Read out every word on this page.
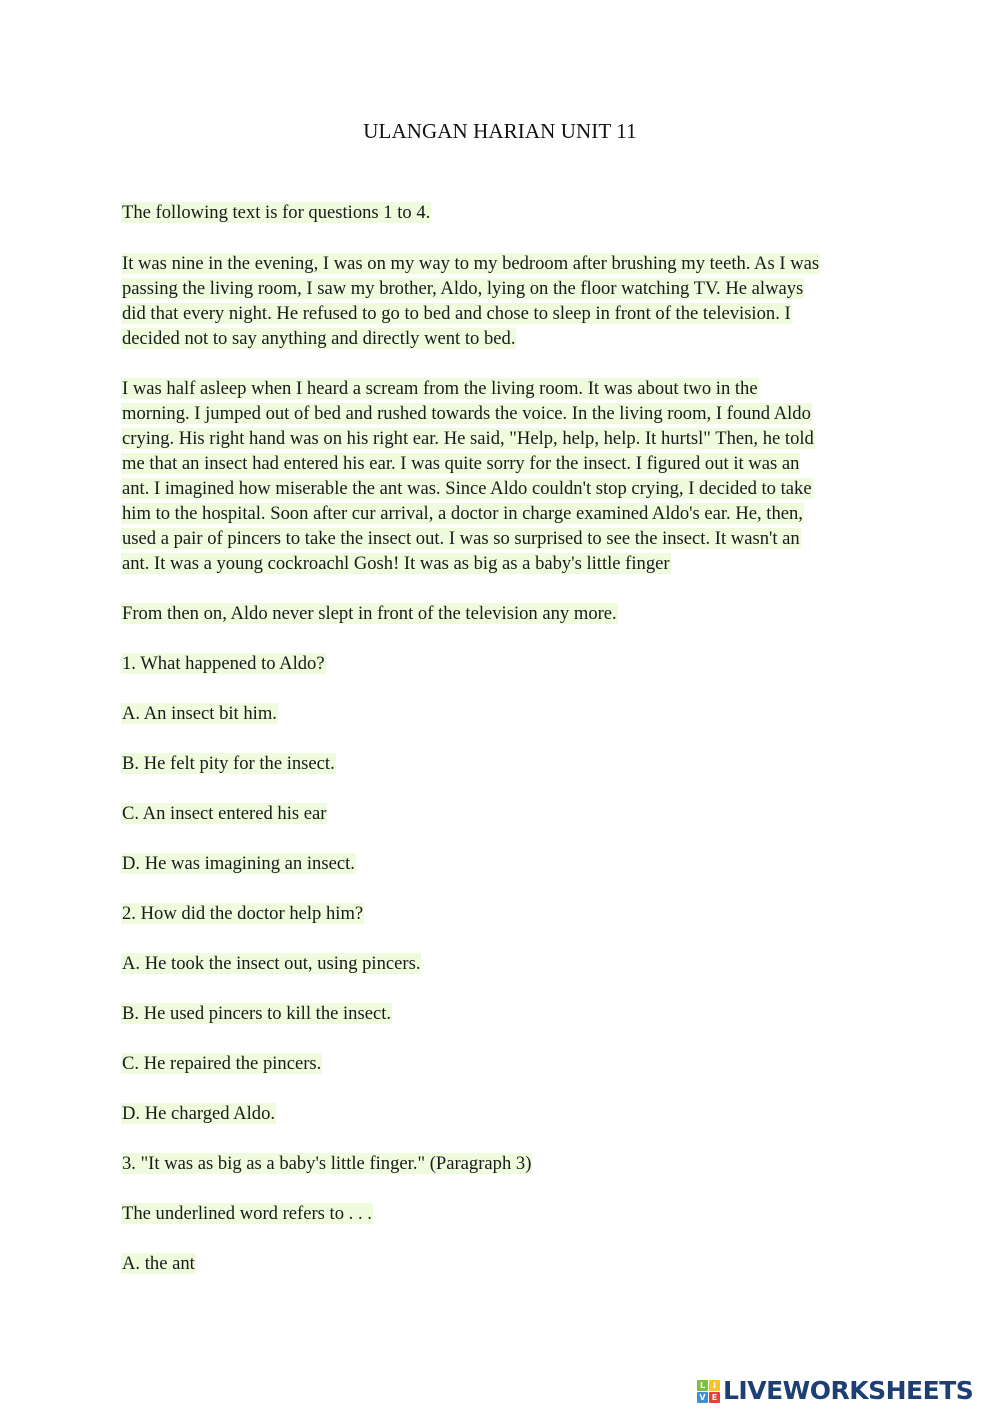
ULANGAN HARIAN UNIT 11
The following text is for questions 1 to 4.
It was nine in the evening, I was on my way to my bedroom after brushing my teeth. As I was
passing the living room, I saw my brother, Aldo, lying on the floor watching TV. He always
did that every night. He refused to go to bed and chose to sleep in front of the television. I
decided not to say anything and directly went to bed.
I was half asleep when I heard a scream from the living room. It was about two in the
morning. I jumped out of bed and rushed towards the voice. In the living room, I found Aldo
crying. His right hand was on his right ear. He said, "Help, help, help. It hurtsl" Then, he told
me that an insect had entered his ear. I was quite sorry for the insect. I figured out it was an
ant. I imagined how miserable the ant was. Since Aldo couldn't stop crying, I decided to take
him to the hospital. Soon after cur arrival, a doctor in charge examined Aldo's ear. He, then,
used a pair of pincers to take the insect out. I was so surprised to see the insect. It wasn't an
ant. It was a young cockroachl Gosh! It was as big as a baby's little finger
From then on, Aldo never slept in front of the television any more.
1. What happened to Aldo?
A. An insect bit him.
B. He felt pity for the insect.
C. An insect entered his ear
D. He was imagining an insect.
2. How did the doctor help him?
A. He took the insect out, using pincers.
B. He used pincers to kill the insect.
C. He repaired the pincers.
D. He charged Aldo.
3. "It was as big as a baby's little finger." (Paragraph 3)
The underlined word refers to . . .
A. the ant
L I
V E LIVEWORKSHEETS
